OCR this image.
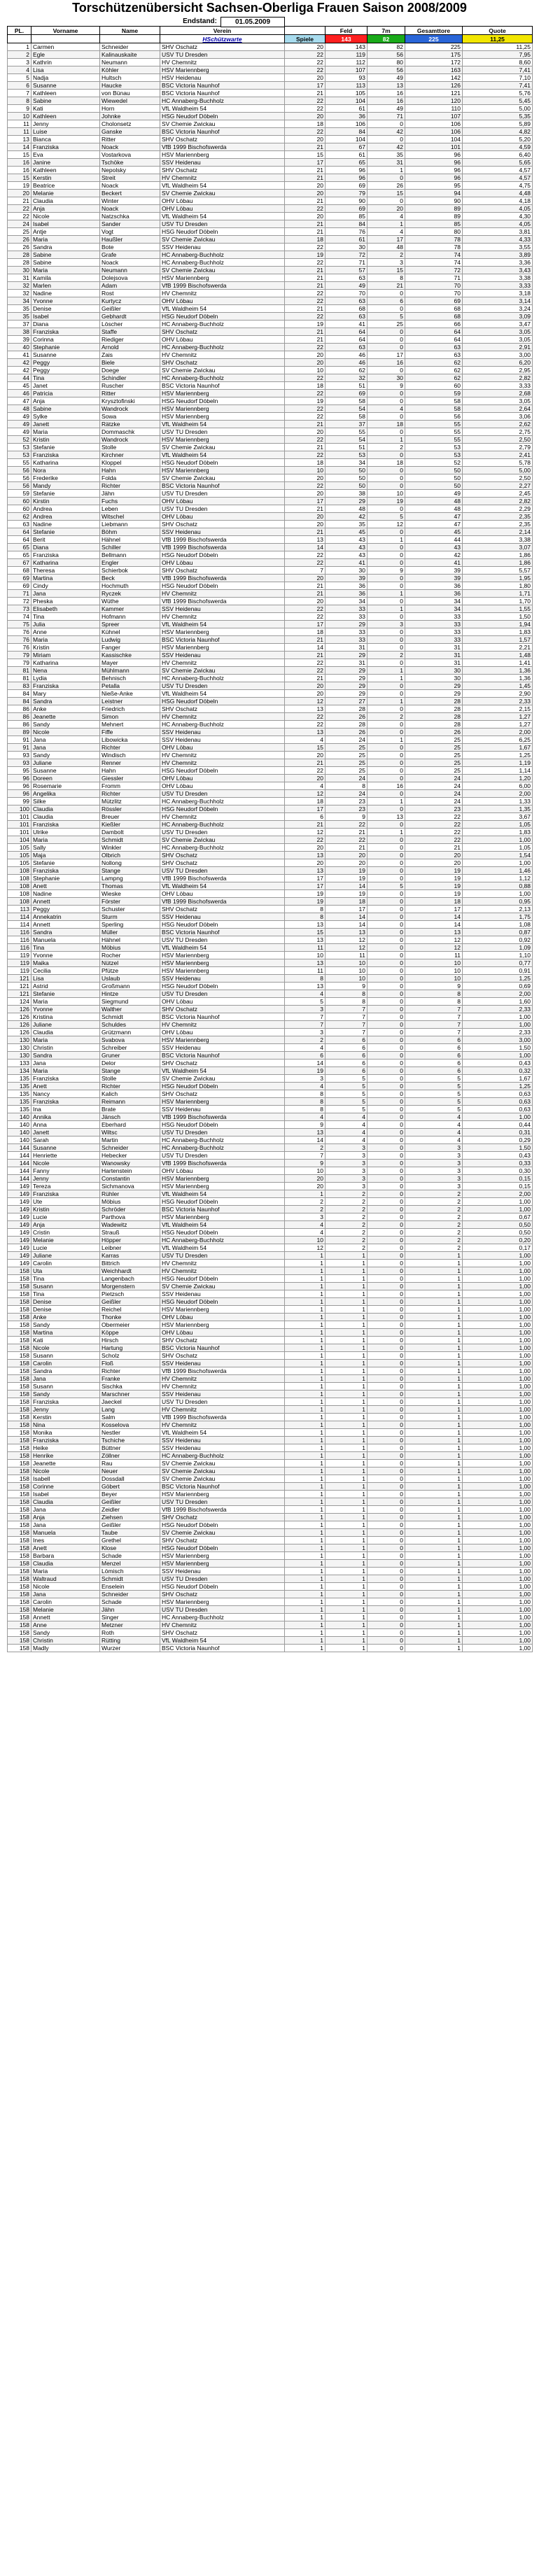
Torschützenübersicht Sachsen-Oberliga Frauen Saison 2008/2009
Endstand:	01.05.2009
PL.	Vorname	Name	Verein		Feld	7m	Gesamttore	Quote
			HSchützwarte	Spiele	143	82	225	11,25
1	Carmen	Schneider	SHV Oschatz	20	143	82	225	11,25
2	Egle	Kalinauskaite	USV TU Dresden	22	119	56	175	7,95
3	Kathrin	Neumann	HV Chemnitz	22	112	80	172	8,60
4	Lisa	Köhler	HSV Mariennberg	22	107	56	163	7,41
5	Nadja	Hultsch	HSV Heidenau	20	93	49	142	7,10
6	Susanne	Haucke	BSC Victoria Naunhof	17	113	13	126	7,41
7	Kathleen	von Bünau	BSC Victoria Naunhof	21	105	16	121	5,76
8	Sabine	Wiewedel	HC Annaberg-Buchholz	22	104	16	120	5,45
9	Kati	Horn	VfL Waldheim 54	22	61	49	110	5,00
10	Kathleen	Johnke	HSG Neudorf Döbeln	20	36	71	107	5,35
11	Jenny	Cholonsetz	SV Chemie Zwickau	18	106	0	106	5,89
11	Luise	Ganske	BSC Victoria Naunhof	22	84	42	106	4,82
13	Bianca	Ritter	SHV Oschatz	20	104	0	104	5,20
14	Franziska	Noack	VfB 1999 Bischofswerda	21	67	42	101	4,59
15	Eva	Vostarkova	HSV Mariennberg	15	61	35	96	6,40
16	Janine	Tschöke	SSV Heidenau	17	65	31	96	5,65
16	Kathleen	Nepolsky	SHV Oschatz	21	96	1	96	4,57
15	Kerstin	Streit	HV Chemnitz	21	96	0	96	4,57
19	Beatrice	Noack	VfL Waldheim 54	20	69	26	95	4,75
20	Melanie	Beckert	SV Chemie Zwickau	20	79	15	94	4,48
21	Claudia	Winter	OHV Löbau	21	90	0	90	4,18
22	Anja	Noack	OHV Löbau	22	69	20	89	4,05
22	Nicole	Natzschka	VfL Waldheim 54	20	85	4	89	4,30
24	Isabel	Sander	USV TU Dresden	21	84	1	85	4,05
25	Antje	Vogt	HSG Neudorf Döbeln	21	76	4	80	3,81
26	Maria	Haußler	SV Chemie Zwickau	18	61	17	78	4,33
26	Sandra	Bote	SSV Heidenau	22	30	48	78	3,55
28	Sabine	Grafe	HC Annaberg-Buchholz	19	72	2	74	3,89
28	Sabine	Noack	HC Annaberg-Buchholz	22	71	3	74	3,36
30	Maria	Neumann	SV Chemie Zwickau	21	57	15	72	3,43
31	Kamila	Dolejsova	HSV Mariennberg	21	63	8	71	3,38
32	Marlen	Adam	VfB 1999 Bischofswerda	21	49	21	70	3,33
32	Nadine	Rost	HV Chemnitz	22	70	0	70	3,18
34	Yvonne	Kurtycz	OHV Löbau	22	63	6	69	3,14
35	Denise	Geißler	VfL Waldheim 54	21	68	0	68	3,24
35	Isabel	Gebhardt	HSG Neudorf Döbeln	22	63	5	68	3,09
37	Diana	Löscher	HC Annaberg-Buchholz	19	41	25	66	3,47
38	Franziska	Staffe	SHV Oschatz	21	64	0	64	3,05
39	Corinna	Riediger	OHV Löbau	21	64	0	64	3,05
40	Stephanie	Arnold	HC Annaberg-Buchholz	22	63	0	63	2,91
41	Susanne	Zais	HV Chemnitz	20	46	17	63	3,00
42	Peggy	Biele	SHV Oschatz	20	46	16	62	6,20
42	Peggy	Doege	SV Chemie Zwickau	10	62	0	62	2,95
44	Tina	Schindler	HC Annaberg-Buchholz	22	32	30	62	2,82
45	Janet	Ruscher	BSC Victoria Naunhof	18	51	9	60	3,33
46	Patricia	Ritter	HSV Mariennberg	22	69	0	59	2,68
47	Anja	Krysztofinski	HSG Neudorf Döbeln	19	58	0	58	3,05
48	Sabine	Wandrock	HSV Mariennberg	22	54	4	58	2,64
49	Sylke	Sowa	HSV Mariennberg	22	58	0	56	3,06
49	Janett	Rätzke	VfL Waldheim 54	21	37	18	55	2,62
49	Maria	Dommaschk	USV TU Dresden	20	55	0	55	2,75
52	Kristin	Wandrock	HSV Mariennberg	22	54	1	55	2,50
53	Stefanie	Stolle	SV Chemie Zwickau	21	51	2	53	2,79
53	Franziska	Kirchner	VfL Waldheim 54	22	53	0	53	2,41
55	Katharina	Kloppel	HSG Neudorf Döbeln	18	34	18	52	5,78
56	Nora	Hahn	HSV Mariennberg	10	50	0	50	5,00
56	Frederike	Folda	SV Chemie Zwickau	20	50	0	50	2,50
56	Mandy	Richter	BSC Victoria Naunhof	22	50	0	50	2,27
59	Stefanie	Jähn	USV TU Dresden	20	38	10	49	2,45
60	Kirstin	Fuchs	OHV Löbau	17	29	19	48	2,82
60	Andrea	Leben	USV TU Dresden	21	48	0	48	2,29
62	Andrea	Witschel	OHV Löbau	20	42	5	47	2,35
63	Nadine	Liebmann	SHV Oschatz	20	35	12	47	2,35
64	Stefanie	Böhm	SSV Heidenau	21	45	0	45	2,14
64	Berit	Hähnel	VfB 1999 Bischofswerda	13	43	1	44	3,38
65	Diana	Schiller	VfB 1999 Bischofswerda	14	43	0	43	3,07
65	Franziska	Bellmann	HSG Neudorf Döbeln	22	43	0	42	1,86
67	Katharina	Engler	OHV Löbau	22	41	0	41	1,86
68	Theresa	Schierbok	SHV Oschatz	7	30	9	39	5,57
69	Martina	Beck	VfB 1999 Bischofswerda	20	39	0	39	1,95
69	Cindy	Hochmuth	HSG Neudorf Döbeln	21	36	0	36	1,80
71	Jana	Ryczek	HV Chemnitz	21	36	1	36	1,71
72	Pheska	Wüthe	VfB 1999 Bischofswerda	20	34	0	34	1,70
73	Elisabeth	Kammer	SSV Heidenau	22	33	1	34	1,55
74	Tina	Hofmann	HV Chemnitz	22	33	0	33	1,50
75	Julia	Spreer	VfL Waldheim 54	17	29	3	33	1,94
76	Anne	Kühnel	HSV Mariennberg	18	33	0	33	1,83
76	Maria	Ludwig	BSC Victoria Naunhof	21	33	0	33	1,57
76	Kristin	Fanger	HSV Mariennberg	14	31	0	31	2,21
79	Miriam	Kassischke	SSV Heidenau	21	29	2	31	1,48
79	Katharina	Mayer	HV Chemnitz	22	31	0	31	1,41
81	Nena	Mühlmann	SV Chemie Zwickau	22	29	1	30	1,36
81	Lydia	Behnisch	HC Annaberg-Buchholz	21	29	1	30	1,36
83	Franziska	Petalla	USV TU Dresden	20	29	0	29	1,45
84	Mary	Nieße-Anke	VfL Waldheim 54	20	29	0	29	2,90
84	Sandra	Leistner	HSG Neudorf Döbeln	12	27	1	28	2,33
86	Anke	Friedrich	SHV Oschatz	13	28	0	28	2,15
86	Jeanette	Simon	HV Chemnitz	22	26	2	28	1,27
86	Sandy	Mehnert	HC Annaberg-Buchholz	22	28	0	28	1,27
89	Nicole	Fiffe	SSV Heidenau	13	26	0	26	2,00
91	Jana	Libowicka	SSV Heidenau	4	24	1	25	6,25
91	Jana	Richter	OHV Löbau	15	25	0	25	1,67
93	Sandy	Windisch	HV Chemnitz	20	25	0	25	1,25
93	Juliane	Renner	HV Chemnitz	21	25	0	25	1,19
95	Susanne	Hahn	HSG Neudorf Döbeln	22	25	0	25	1,14
96	Doreen	Giessler	OHV Löbau	20	24	0	24	1,20
96	Rosemarie	Fromm	OHV Löbau	4	8	16	24	6,00
96	Angelika	Richter	USV TU Dresden	12	24	0	24	2,00
99	Silke	Mützlitz	HC Annaberg-Buchholz	18	23	1	24	1,33
100	Claudia	Rössler	HSG Neudorf Döbeln	17	23	0	23	1,35
101	Claudia	Breuer	HV Chemnitz	6	9	13	22	3,67
101	Franziska	Kießler	HC Annaberg-Buchholz	21	22	0	22	1,05
101	Ulrike	Dambolt	USV TU Dresden	12	21	1	22	1,83
104	Maria	Schmidt	SV Chemie Zwickau	22	22	0	22	1,00
105	Sally	Winkler	HC Annaberg-Buchholz	20	21	0	21	1,05
105	Maja	Olbrich	SHV Oschatz	13	20	0	20	1,54
105	Stefanie	Nollong	SHV Oschatz	20	20	0	20	1,00
108	Franziska	Stange	USV TU Dresden	13	19	0	19	1,46
108	Stephanie	Lampng	VfB 1999 Bischofswerda	17	19	0	19	1,12
108	Anett	Thomas	VfL Waldheim 54	17	14	5	19	0,88
108	Nadine	Wieske	OHV Löbau	19	19	0	19	1,00
108	Annett	Förster	VfB 1999 Bischofswerda	19	18	0	18	0,95
113	Peggy	Schuster	SHV Oschatz	8	17	0	17	2,13
114	Annekatrin	Sturm	SSV Heidenau	8	14	0	14	1,75
114	Annett	Sperling	HSG Neudorf Döbeln	13	14	0	14	1,08
116	Sandra	Müller	BSC Victoria Naunhof	15	13	0	13	0,87
116	Manuela	Hähnel	USV TU Dresden	13	12	0	12	0,92
116	Tina	Möbius	VfL Waldheim 54	11	12	0	12	1,09
119	Yvonne	Rocher	HSV Mariennberg	10	11	0	11	1,10
119	Maika	Nützel	HSV Mariennberg	13	10	0	10	0,77
119	Cecilia	Pfütze	HSV Mariennberg	11	10	0	10	0,91
121	Lisa	Uslaub	SSV Heidenau	8	10	0	10	1,25
121	Astrid	Großmann	HSG Neudorf Döbeln	13	9	0	9	0,69
121	Stefanie	Hintze	USV TU Dresden	4	8	0	8	2,00
124	Maria	Siegmund	OHV Löbau	5	8	0	8	1,60
126	Yvonne	Walther	SHV Oschatz	3	7	0	7	2,33
126	Kristina	Schmidt	BSC Victoria Naunhof	7	7	0	7	1,00
126	Juliane	Schuldes	HV Chemnitz	7	7	0	7	1,00
126	Claudia	Grützmann	OHV Löbau	3	7	0	7	2,33
130	Maria	Svabova	HSV Mariennberg	2	6	0	6	3,00
130	Christin	Schreiber	SSV Heidenau	4	6	0	6	1,50
130	Sandra	Gruner	BSC Victoria Naunhof	6	6	0	6	1,00
133	Jana	Delor	SHV Oschatz	14	6	0	6	0,43
134	Maria	Stange	VfL Waldheim 54	19	6	0	6	0,32
135	Franziska	Stolle	SV Chemie Zwickau	3	5	0	5	1,67
135	Anett	Richter	HSG Neudorf Döbeln	4	5	0	5	1,25
135	Nancy	Kalich	SHV Oschatz	8	5	0	5	0,63
135	Franziska	Reimann	HSV Mariennberg	8	5	0	5	0,63
135	Ina	Brate	SSV Heidenau	8	5	0	5	0,63
140	Annika	Jänsch	VfB 1999 Bischofswerda	4	4	0	4	1,00
140	Anna	Eberhard	HSG Neudorf Döbeln	9	4	0	4	0,44
140	Janett	Wiltsc	USV TU Dresden	13	4	0	4	0,31
140	Sarah	Martin	HC Annaberg-Buchholz	14	4	0	4	0,29
144	Susanne	Schneider	HC Annaberg-Buchholz	2	3	0	3	1,50
144	Henriette	Hebecker	USV TU Dresden	7	3	0	3	0,43
144	Nicole	Wanowsky	VfB 1999 Bischofswerda	9	3	0	3	0,33
144	Fanny	Hartenstein	OHV Löbau	10	3	0	3	0,30
144	Jenny	Constantin	HSV Mariennberg	20	3	0	3	0,15
149	Tereza	Sichmanova	HSV Mariennberg	20	3	0	3	0,15
149	Franziska	Rühler	VfL Waldheim 54	1	2	0	2	2,00
149	Ute	Möbius	HSG Neudorf Döbeln	2	2	0	2	1,00
149	Kristin	Schröder	BSC Victoria Naunhof	2	2	0	2	1,00
149	Lucie	Parthova	HSV Mariennberg	3	2	0	2	0,67
149	Anja	Wadewitz	VfL Waldheim 54	4	2	0	2	0,50
149	Cristin	Strauß	HSG Neudorf Döbeln	4	2	0	2	0,50
149	Melanie	Höpper	HC Annaberg-Buchholz	10	2	0	2	0,20
149	Lucie	Leibner	VfL Waldheim 54	12	2	0	2	0,17
149	Juliane	Karras	USV TU Dresden	1	1	0	1	1,00
149	Carolin	Bittrich	HV Chemnitz	1	1	0	1	1,00
158	Uta	Weichhardt	HV Chemnitz	1	1	0	1	1,00
158	Tina	Langenbach	HSG Neudorf Döbeln	1	1	0	1	1,00
158	Susann	Morgenstern	SV Chemie Zwickau	1	1	0	1	1,00
158	Tina	Pietzsch	SSV Heidenau	1	1	0	1	1,00
158	Denise	Geißler	HSG Neudorf Döbeln	1	1	0	1	1,00
158	Denise	Reichel	HSV Mariennberg	1	1	0	1	1,00
158	Anke	Thonke	OHV Löbau	1	1	0	1	1,00
158	Sandy	Obermeier	HSV Mariennberg	1	1	0	1	1,00
158	Martina	Köppe	OHV Löbau	1	1	0	1	1,00
158	Kati	Hirsch	SHV Oschatz	1	1	0	1	1,00
158	Nicole	Hartung	BSC Victoria Naunhof	1	1	0	1	1,00
158	Susann	Scholz	SHV Oschatz	1	1	0	1	1,00
158	Carolin	Floß	SSV Heidenau	1	1	0	1	1,00
158	Sandra	Richter	VfB 1999 Bischofswerda	1	1	0	1	1,00
158	Jana	Franke	HV Chemnitz	1	1	0	1	1,00
158	Susann	Sischka	HV Chemnitz	1	1	0	1	1,00
158	Sandy	Marschner	SSV Heidenau	1	1	0	1	1,00
158	Franziska	Jaeckel	USV TU Dresden	1	1	0	1	1,00
158	Jenny	Lang	HV Chemnitz	1	1	0	1	1,00
158	Kerstin	Salm	VfB 1999 Bischofswerda	1	1	0	1	1,00
158	Nina	Kosselova	HV Chemnitz	1	1	0	1	1,00
158	Monika	Nestler	VfL Waldheim 54	1	1	0	1	1,00
158	Franziska	Tschiche	SSV Heidenau	1	1	0	1	1,00
158	Heike	Büttner	SSV Heidenau	1	1	0	1	1,00
158	Henrike	Zöllner	HC Annaberg-Buchholz	1	1	0	1	1,00
158	Jeanette	Rau	SV Chemie Zwickau	1	1	0	1	1,00
158	Nicole	Neuer	SV Chemie Zwickau	1	1	0	1	1,00
158	Isabell	Dossdall	SV Chemie Zwickau	1	1	0	1	1,00
158	Corinne	Göbert	BSC Victoria Naunhof	1	1	0	1	1,00
158	Isabel	Beyer	HSV Mariennberg	1	1	0	1	1,00
158	Claudia	Geißler	USV TU Dresden	1	1	0	1	1,00
158	Jana	Zeidler	VfB 1999 Bischofswerda	1	1	0	1	1,00
158	Anja	Ziehsen	SHV Oschatz	1	1	0	1	1,00
158	Jana	Geißler	HSG Neudorf Döbeln	1	1	0	1	1,00
158	Manuela	Taube	SV Chemie Zwickau	1	1	0	1	1,00
158	Ines	Grethel	SHV Oschatz	1	1	0	1	1,00
158	Anett	Klose	HSG Neudorf Döbeln	1	1	0	1	1,00
158	Barbara	Schade	HSV Mariennberg	1	1	0	1	1,00
158	Claudia	Menzel	HSV Mariennberg	1	1	0	1	1,00
158	Maria	Lömisch	SSV Heidenau	1	1	0	1	1,00
158	Waltraud	Schmidt	USV TU Dresden	1	1	0	1	1,00
158	Nicole	Enselein	HSG Neudorf Döbeln	1	1	0	1	1,00
158	Jana	Schneider	SHV Oschatz	1	1	0	1	1,00
158	Carolin	Schade	HSV Mariennberg	1	1	0	1	1,00
158	Melanie	Jähn	USV TU Dresden	1	1	0	1	1,00
158	Annett	Singer	HC Annaberg-Buchholz	1	1	0	1	1,00
158	Anne	Metzner	HV Chemnitz	1	1	0	1	1,00
158	Sandy	Roth	SHV Oschatz	1	1	0	1	1,00
158	Christin	Rütting	VfL Waldheim 54	1	1	0	1	1,00
158	Madly	Wurzer	BSC Victoria Naunhof	1	1	0	1	1,00
